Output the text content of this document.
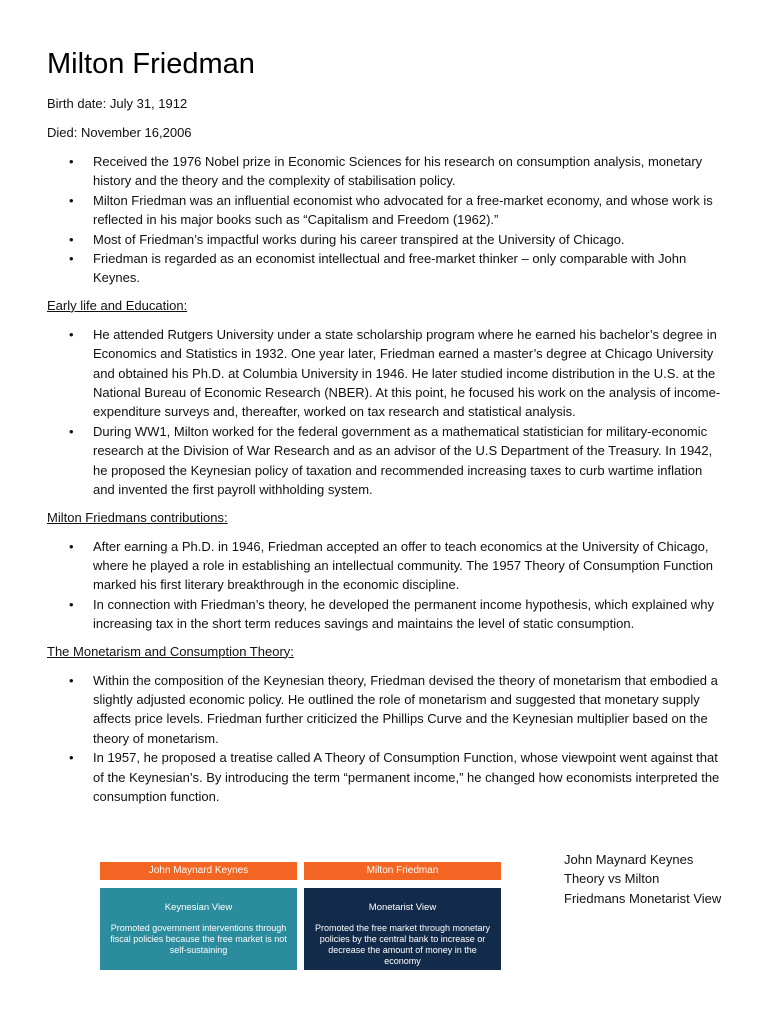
Milton Friedman

Birth date: July 31, 1912

Died: November 16,2006

• Received the 1976 Nobel prize in Economic Sciences for his research on consumption analysis, monetary history and the theory and the complexity of stabilisation policy.
• Milton Friedman was an influential economist who advocated for a free-market economy, and whose work is reflected in his major books such as “Capitalism and Freedom (1962).”
• Most of Friedman’s impactful works during his career transpired at the University of Chicago.
• Friedman is regarded as an economist intellectual and free-market thinker – only comparable with John Keynes.
Early life and Education:
• He attended Rutgers University under a state scholarship program where he earned his bachelor’s degree in Economics and Statistics in 1932. One year later, Friedman earned a master’s degree at Chicago University and obtained his Ph.D. at Columbia University in 1946. He later studied income distribution in the U.S. at the National Bureau of Economic Research (NBER). At this point, he focused his work on the analysis of income-expenditure surveys and, thereafter, worked on tax research and statistical analysis.
• During WW1, Milton worked for the federal government as a mathematical statistician for military-economic research at the Division of War Research and as an advisor of the U.S Department of the Treasury. In 1942, he proposed the Keynesian policy of taxation and recommended increasing taxes to curb wartime inflation and invented the first payroll withholding system.
Milton Friedmans contributions:
• After earning a Ph.D. in 1946, Friedman accepted an offer to teach economics at the University of Chicago, where he played a role in establishing an intellectual community. The 1957 Theory of Consumption Function marked his first literary breakthrough in the economic discipline.
• In connection with Friedman’s theory, he developed the permanent income hypothesis, which explained why increasing tax in the short term reduces savings and maintains the level of static consumption.
The Monetarism and Consumption Theory:
• Within the composition of the Keynesian theory, Friedman devised the theory of monetarism that embodied a slightly adjusted economic policy. He outlined the role of monetarism and suggested that monetary supply affects price levels. Friedman further criticized the Phillips Curve and the Keynesian multiplier based on the theory of monetarism.
• In 1957, he proposed a treatise called A Theory of Consumption Function, whose viewpoint went against that of the Keynesian’s. By introducing the term “permanent income,” he changed how economists interpreted the consumption function.
John Maynard Keynes
Keynesian View
Promoted government interventions through fiscal policies because the free market is not self-sustaining
Milton Friedman
Monetarist View
Promoted the free market through monetary policies by the central bank to increase or decrease the amount of money in the economy
John Maynard Keynes Theory vs Milton Friedmans Monetarist View
